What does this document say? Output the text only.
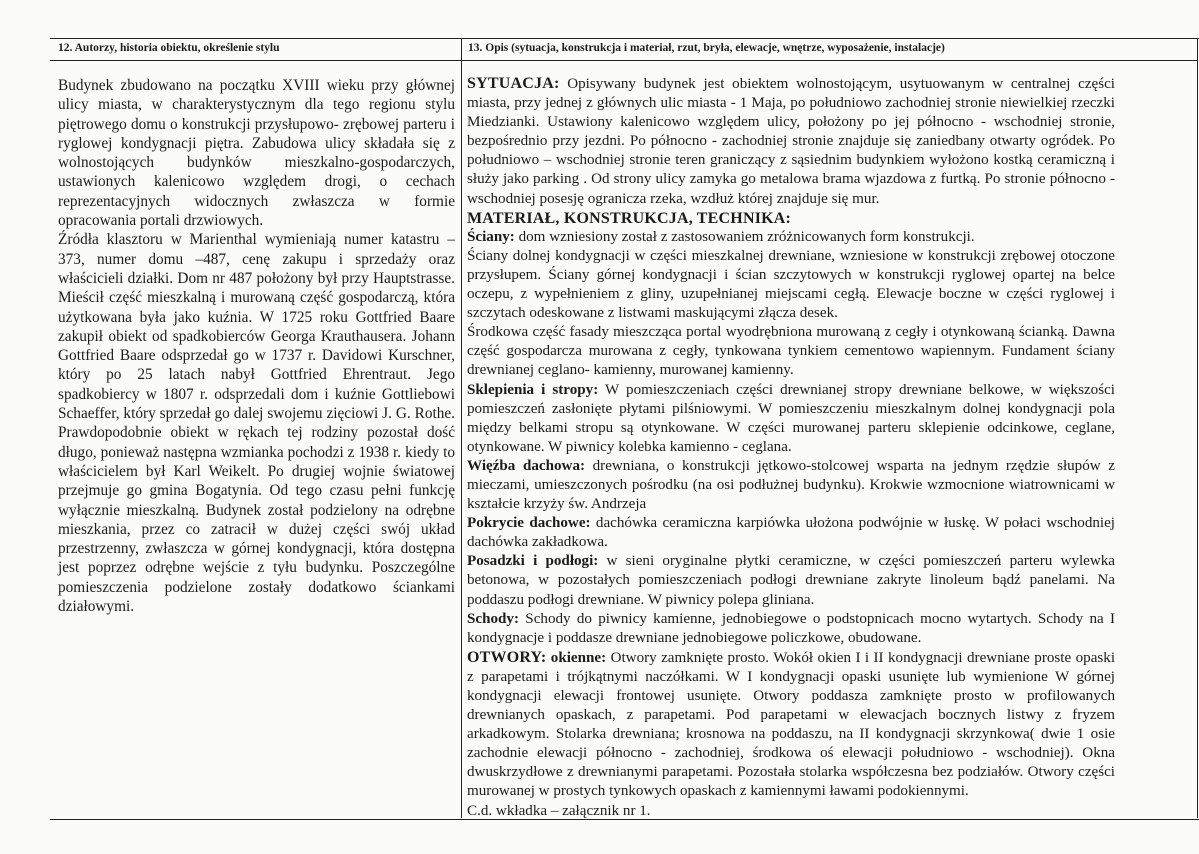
12. Autorzy, historia obiektu, określenie stylu	13. Opis (sytuacja, konstrukcja i materiał, rzut, bryła, elewacje, wnętrze, wyposażenie, instalacje)

Budynek zbudowano na początku XVIII wieku przy głównej ulicy miasta, w charakterystycznym dla tego regionu stylu piętrowego domu o konstrukcji przysłupowo- zrębowej parteru i ryglowej kondygnacji piętra. Zabudowa ulicy składała się z wolnostojących budynków mieszkalno-gospodarczych, ustawionych kalenicowo względem drogi, o cechach reprezentacyjnych widocznych zwłaszcza w formie opracowania portali drzwiowych.

Źródła klasztoru w Marienthal wymieniają numer katastru – 373, numer domu –487, cenę zakupu i sprzedaży oraz właścicieli działki. Dom nr 487 położony był przy Hauptstrasse. Mieścił część mieszkalną i murowaną część gospodarczą, która użytkowana była jako kuźnia. W 1725 roku Gottfried Baare zakupił obiekt od spadkobierców Georga Krauthausera. Johann Gottfried Baare odsprzedał go w 1737 r. Davidowi Kurschner, który po 25 latach nabył Gottfried Ehrentraut. Jego spadkobiercy w 1807 r. odsprzedali dom i kuźnie Gottliebowi Schaeffer, który sprzedał go dalej swojemu zięciowi J. G. Rothe. Prawdopodobnie obiekt w rękach tej rodziny pozostał dość długo, ponieważ następna wzmianka pochodzi z 1938 r. kiedy to właścicielem był Karl Weikelt. Po drugiej wojnie światowej przejmuje go gmina Bogatynia. Od tego czasu pełni funkcję wyłącznie mieszkalną. Budynek został podzielony na odrębne mieszkania, przez co zatracił w dużej części swój układ przestrzenny, zwłaszcza w górnej kondygnacji, która dostępna jest poprzez odrębne wejście z tyłu budynku. Poszczególne pomieszczenia podzielone zostały dodatkowo ściankami działowymi.

SYTUACJA: Opisywany budynek jest obiektem wolnostojącym, usytuowanym w centralnej części miasta, przy jednej z głównych ulic miasta - 1 Maja, po południowo zachodniej stronie niewielkiej rzeczki Miedzianki. Ustawiony kalenicowo względem ulicy, położony po jej północno - wschodniej stronie, bezpośrednio przy jezdni. Po północno - zachodniej stronie znajduje się zaniedbany otwarty ogródek. Po południowo – wschodniej stronie teren graniczący z sąsiednim budynkiem wyłożono kostką ceramiczną i służy jako parking . Od strony ulicy zamyka go metalowa brama wjazdowa z furtką. Po stronie północno - wschodniej posesję ogranicza rzeka, wzdłuż której znajduje się mur.

MATERIAŁ, KONSTRUKCJA, TECHNIKA:

Ściany: dom wzniesiony został z zastosowaniem zróżnicowanych form konstrukcji.

Ściany dolnej kondygnacji w części mieszkalnej drewniane, wzniesione w konstrukcji zrębowej otoczone przysłupem. Ściany górnej kondygnacji i ścian szczytowych w konstrukcji ryglowej opartej na belce oczepu, z wypełnieniem z gliny, uzupełnianej miejscami cegłą. Elewacje boczne w części ryglowej i szczytach odeskowane z listwami maskującymi złącza desek.

Środkowa część fasady mieszcząca portal wyodrębniona murowaną z cegły i otynkowaną ścianką. Dawna część gospodarcza murowana z cegły, tynkowana tynkiem cementowo wapiennym. Fundament ściany drewnianej ceglano- kamienny, murowanej kamienny.

Sklepienia i stropy: W pomieszczeniach części drewnianej stropy drewniane belkowe, w większości pomieszczeń zasłonięte płytami pilśniowymi. W pomieszczeniu mieszkalnym dolnej kondygnacji pola między belkami stropu są otynkowane. W części murowanej parteru sklepienie odcinkowe, ceglane, otynkowane. W piwnicy kolebka kamienno - ceglana.

Więźba dachowa: drewniana, o konstrukcji jętkowo-stolcowej wsparta na jednym rzędzie słupów z mieczami, umieszczonych pośrodku (na osi podłużnej budynku). Krokwie wzmocnione wiatrownicami w kształcie krzyży św. Andrzeja

Pokrycie dachowe: dachówka ceramiczna karpiówka ułożona podwójnie w łuskę. W połaci wschodniej dachówka zakładkowa.

Posadzki i podłogi: w sieni oryginalne płytki ceramiczne, w części pomieszczeń parteru wylewka betonowa, w pozostałych pomieszczeniach podłogi drewniane zakryte linoleum bądź panelami. Na poddaszu podłogi drewniane. W piwnicy polepa gliniana.

Schody: Schody do piwnicy kamienne, jednobiegowe o podstopnicach mocno wytartych. Schody na I kondygnacje i poddasze drewniane jednobiegowe policzkowe, obudowane.

OTWORY: okienne: Otwory zamknięte prosto. Wokół okien I i II kondygnacji drewniane proste opaski z parapetami i trójkątnymi naczółkami. W I kondygnacji opaski usunięte lub wymienione W górnej kondygnacji elewacji frontowej usunięte. Otwory poddasza zamknięte prosto w profilowanych drewnianych opaskach, z parapetami. Pod parapetami w elewacjach bocznych listwy z fryzem arkadkowym. Stolarka drewniana; krosnowa na poddaszu, na II kondygnacji skrzynkowa( dwie 1 osie zachodnie elewacji północno - zachodniej, środkowa oś elewacji południowo - wschodniej). Okna dwuskrzydłowe z drewnianymi parapetami. Pozostała stolarka współczesna bez podziałów. Otwory części murowanej w prostych tynkowych opaskach z kamiennymi ławami podokiennymi.

C.d. wkładka – załącznik nr 1.
